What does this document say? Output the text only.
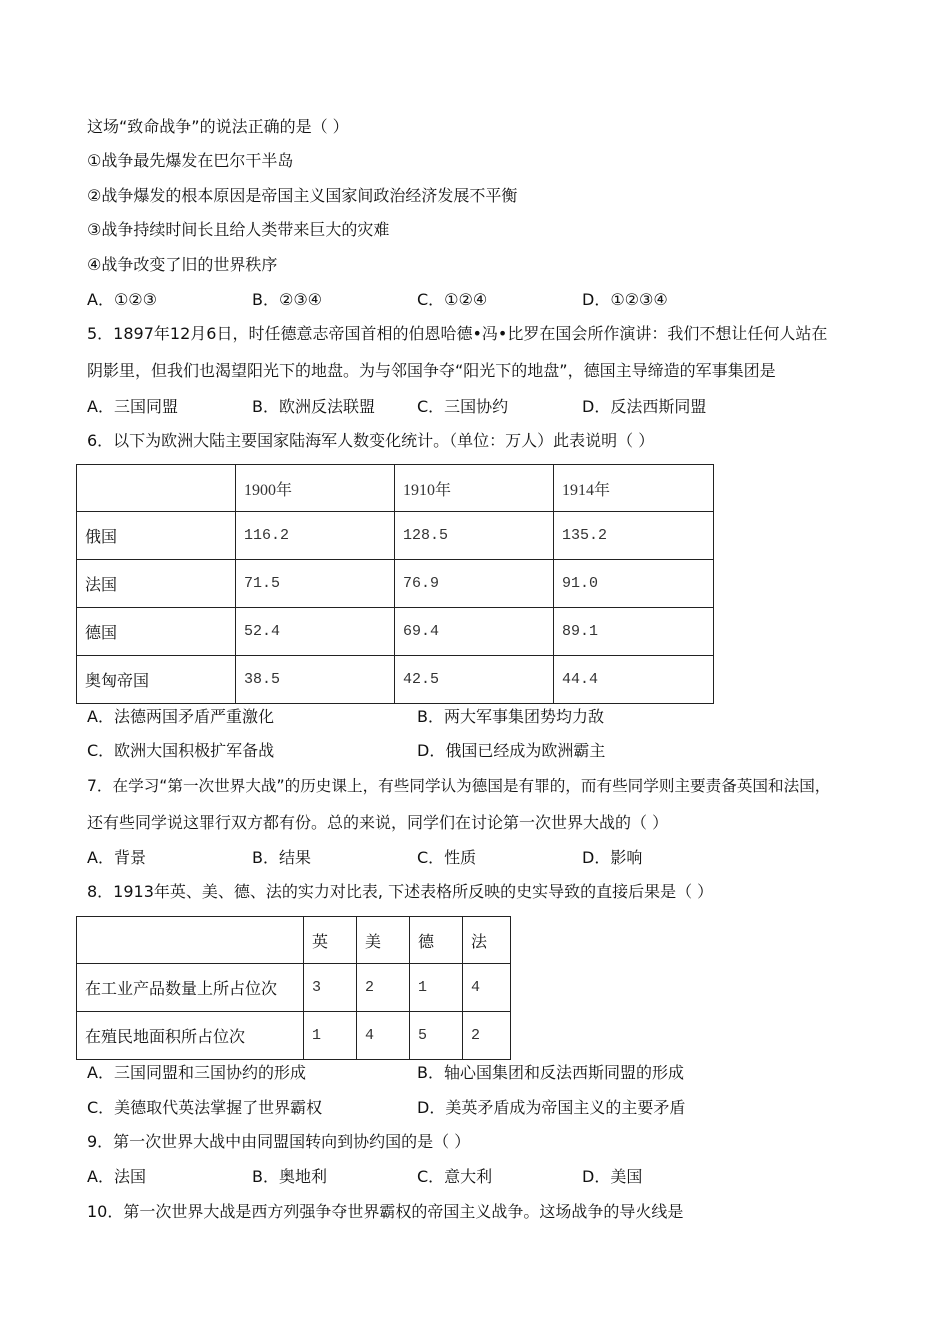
这场“致命战争”的说法正确的是（ ）
①战争最先爆发在巴尔干半岛
②战争爆发的根本原因是帝国主义国家间政治经济发展不平衡
③战争持续时间长且给人类带来巨大的灾难
④战争改变了旧的世界秩序
A．①②③	B．②③④	C．①②④	D．①②③④
5．1897年12月6日，时任德意志帝国首相的伯恩哈德•冯•比罗在国会所作演讲：我们不想让任何人站在
阴影里，但我们也渴望阳光下的地盘。为与邻国争夺“阳光下的地盘”，德国主导缔造的军事集团是
A．三国同盟	B．欧洲反法联盟	C．三国协约	D．反法西斯同盟
6．以下为欧洲大陆主要国家陆海军人数变化统计。（单位：万人）此表说明（ ）
	1900年	1910年	1914年
俄国	116.2	128.5	135.2
法国	71.5	76.9	91.0
德国	52.4	69.4	89.1
奥匈帝国	38.5	42.5	44.4
A．法德两国矛盾严重激化	B．两大军事集团势均力敌
C．欧洲大国积极扩军备战	D．俄国已经成为欧洲霸主
7．在学习“第一次世界大战”的历史课上，有些同学认为德国是有罪的，而有些同学则主要责备英国和法国，
还有些同学说这罪行双方都有份。总的来说，同学们在讨论第一次世界大战的（ ）
A．背景	B．结果	C．性质	D．影响
8．1913年英、美、德、法的实力对比表, 下述表格所反映的史实导致的直接后果是（ ）
	英	美	德	法
在工业产品数量上所占位次	3	2	1	4
在殖民地面积所占位次	1	4	5	2
A．三国同盟和三国协约的形成	B．轴心国集团和反法西斯同盟的形成
C．美德取代英法掌握了世界霸权	D．美英矛盾成为帝国主义的主要矛盾
9．第一次世界大战中由同盟国转向到协约国的是（ ）
A．法国	B．奥地利	C．意大利	D．美国
10．第一次世界大战是西方列强争夺世界霸权的帝国主义战争。这场战争的导火线是
